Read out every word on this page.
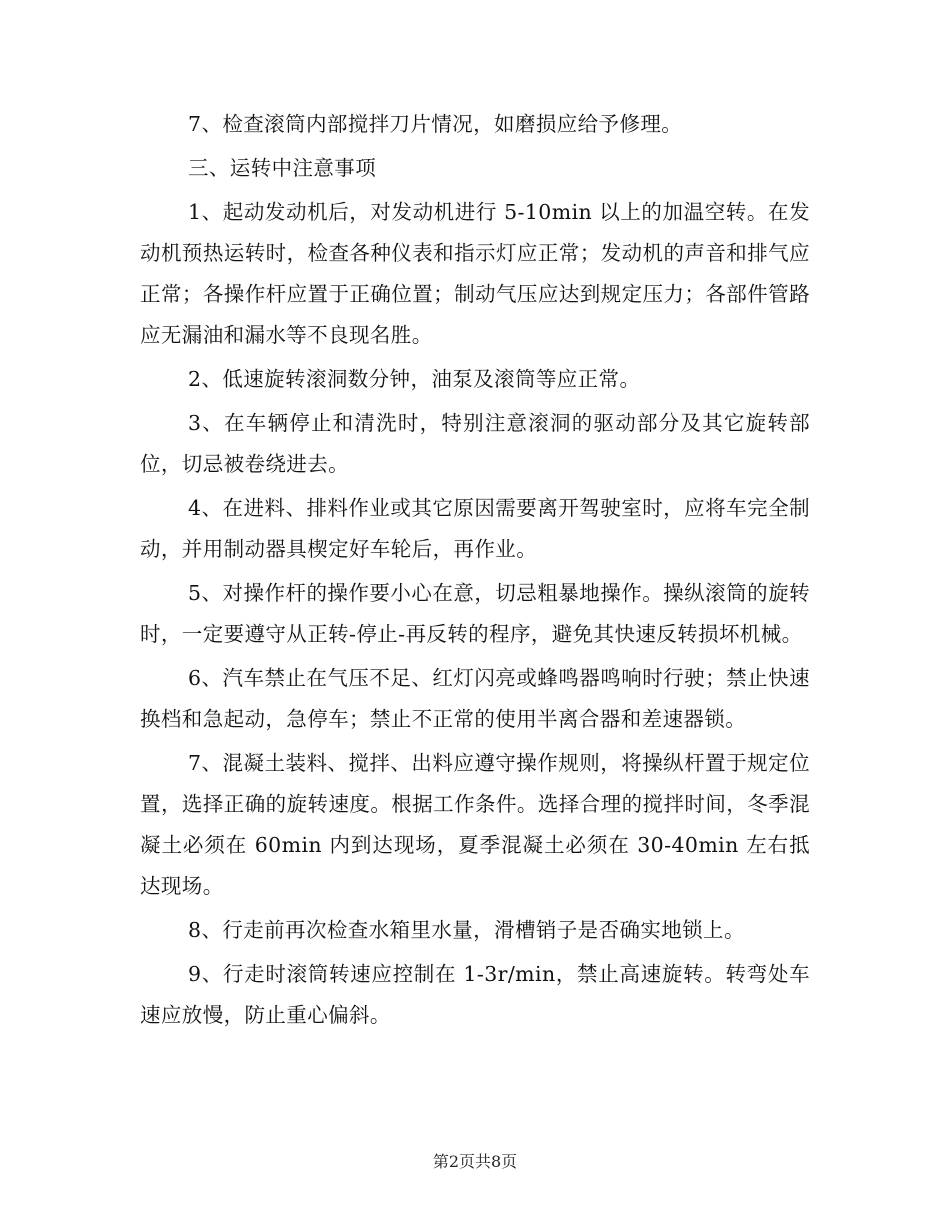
7、检查滚筒内部搅拌刀片情况，如磨损应给予修理。

三、运转中注意事项

1、起动发动机后，对发动机进行 5-10min 以上的加温空转。在发动机预热运转时，检查各种仪表和指示灯应正常；发动机的声音和排气应正常；各操作杆应置于正确位置；制动气压应达到规定压力；各部件管路应无漏油和漏水等不良现名胜。

2、低速旋转滚洞数分钟，油泵及滚筒等应正常。

3、在车辆停止和清洗时，特别注意滚洞的驱动部分及其它旋转部位，切忌被卷绕进去。

4、在进料、排料作业或其它原因需要离开驾驶室时，应将车完全制动，并用制动器具楔定好车轮后，再作业。

5、对操作杆的操作要小心在意，切忌粗暴地操作。操纵滚筒的旋转时，一定要遵守从正转-停止-再反转的程序，避免其快速反转损坏机械。

6、汽车禁止在气压不足、红灯闪亮或蜂鸣器鸣响时行驶；禁止快速换档和急起动，急停车；禁止不正常的使用半离合器和差速器锁。

7、混凝土装料、搅拌、出料应遵守操作规则，将操纵杆置于规定位置，选择正确的旋转速度。根据工作条件。选择合理的搅拌时间，冬季混凝土必须在 60min 内到达现场，夏季混凝土必须在 30-40min 左右抵达现场。

8、行走前再次检查水箱里水量，滑槽销子是否确实地锁上。

9、行走时滚筒转速应控制在 1-3r/min，禁止高速旋转。转弯处车速应放慢，防止重心偏斜。

第2页共8页
